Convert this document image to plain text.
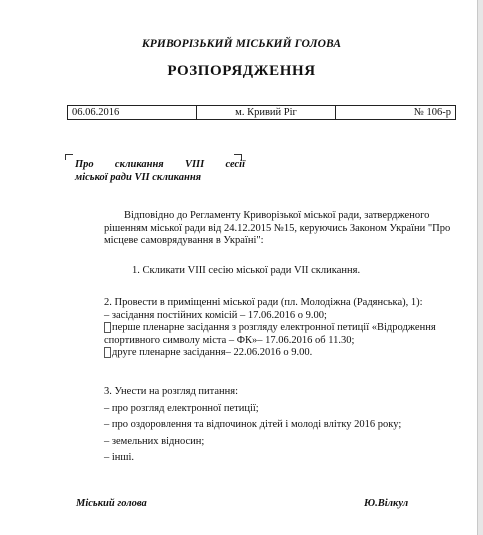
КРИВОРІЗЬКИЙ МІСЬКИЙ ГОЛОВА
РОЗПОРЯДЖЕННЯ
06.06.2016	м. Кривий Ріг	№ 106-р
Про скликання VIII сесії
міської ради VII скликання
Відповідно до Регламенту Криворізької міської ради, затвердженого
рішенням міської ради від 24.12.2015 №15, керуючись Законом України "Про
місцеве самоврядування в Україні":
1. Скликати VIII сесію міської ради VII скликання.
2. Провести в приміщенні міської ради (пл. Молодіжна (Радянська), 1):
– засідання постійних комісій – 17.06.2016 о 9.00;
перше пленарне засідання з розгляду електронної петиції «Відродження
спортивного символу міста – ФК»– 17.06.2016 об 11.30;
друге пленарне засідання– 22.06.2016 о 9.00.
3. Унести на розгляд питання:
– про розгляд електронної петиції;
– про оздоровлення та відпочинок дітей і молоді влітку 2016 року;
– земельних відносин;
– інші.
Міський голова	Ю.Вілкул
